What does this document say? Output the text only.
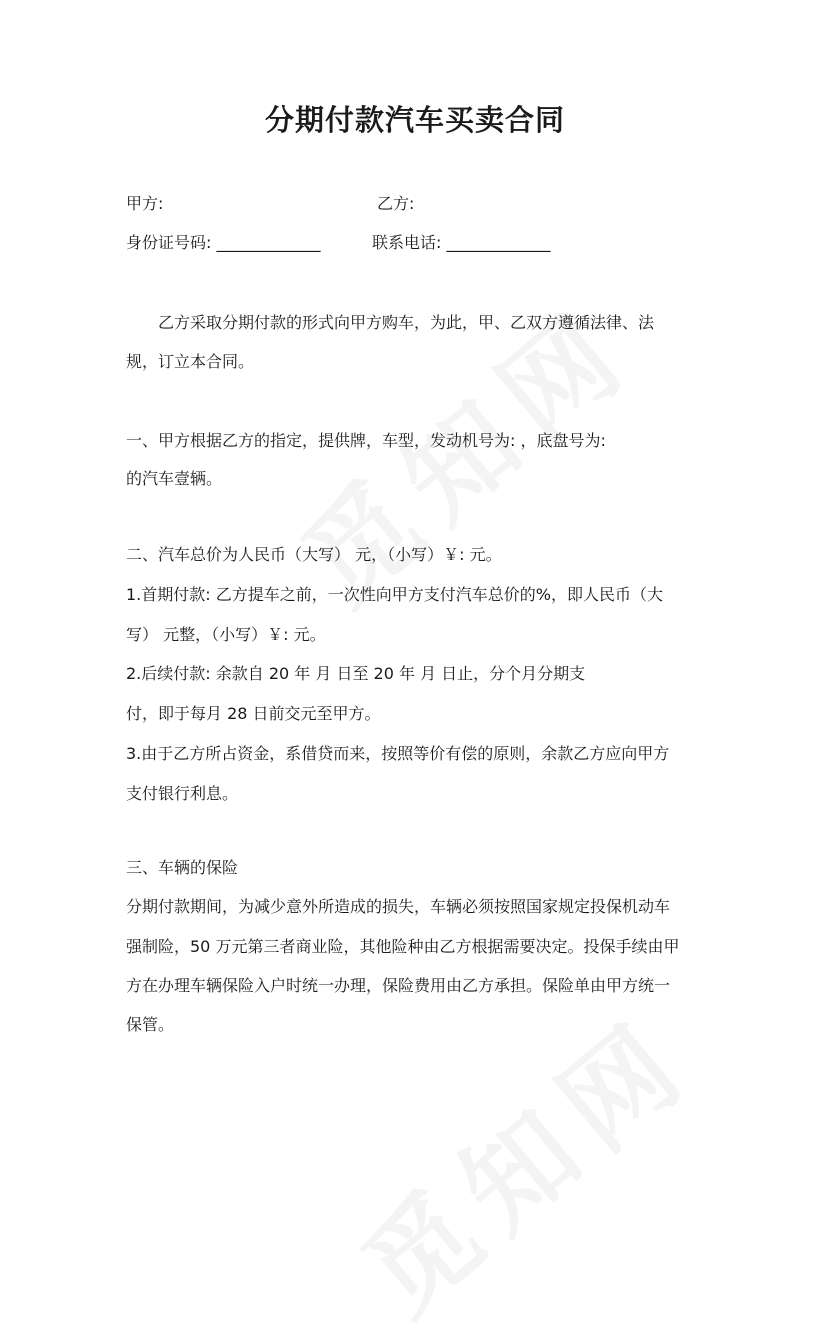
分期付款汽车买卖合同
甲方:	乙方:
身份证号码: _____________	联系电话: _____________
乙方采取分期付款的形式向甲方购车，为此，甲、乙双方遵循法律、法
规，订立本合同。
一、甲方根据乙方的指定，提供牌，车型，发动机号为: ，底盘号为:
的汽车壹辆。
二、汽车总价为人民币（大写） 元，（小写）￥: 元。
1.首期付款: 乙方提车之前，一次性向甲方支付汽车总价的%，即人民币（大
写） 元整，（小写）￥: 元。
2.后续付款: 余款自 20 年 月 日至 20 年 月 日止，分个月分期支
付，即于每月 28 日前交元至甲方。
3.由于乙方所占资金，系借贷而来，按照等价有偿的原则，余款乙方应向甲方
支付银行利息。
三、车辆的保险
分期付款期间，为减少意外所造成的损失，车辆必须按照国家规定投保机动车
强制险，50 万元第三者商业险，其他险种由乙方根据需要决定。投保手续由甲
方在办理车辆保险入户时统一办理，保险费用由乙方承担。保险单由甲方统一
保管。
